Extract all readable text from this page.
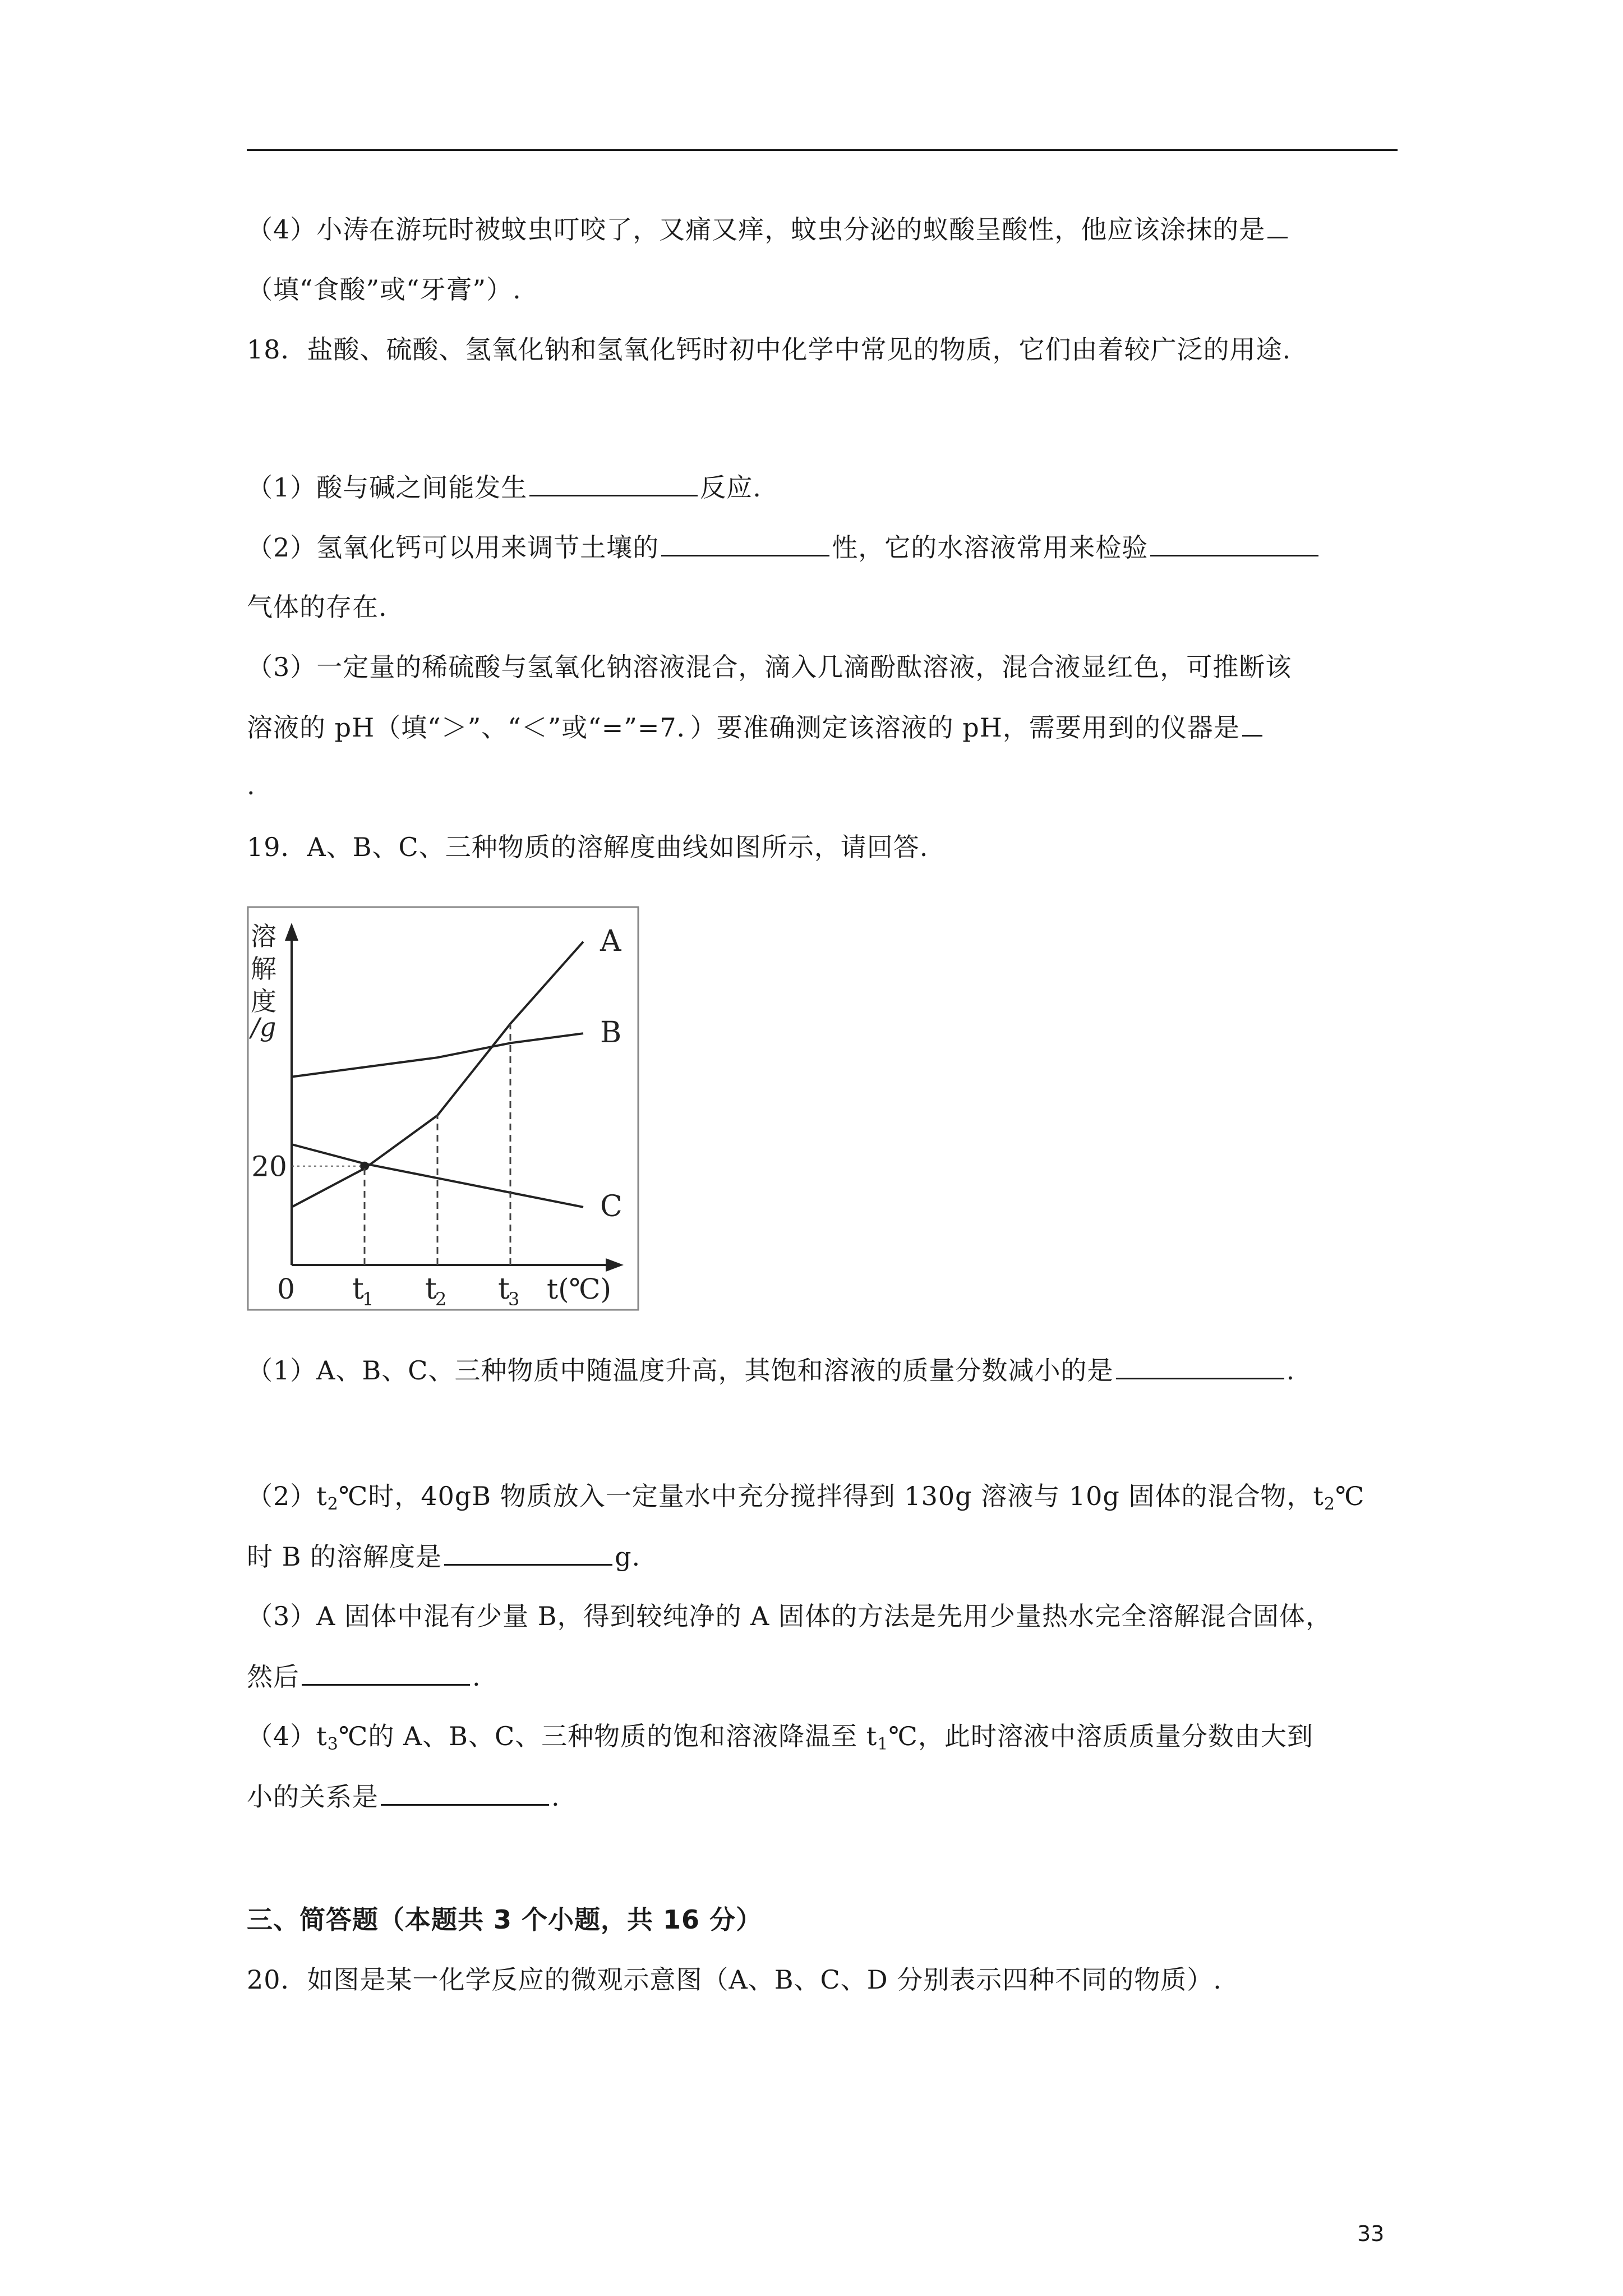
（4）小涛在游玩时被蚊虫叮咬了，又痛又痒，蚊虫分泌的蚁酸呈酸性，他应该涂抹的是
（填“食酸”或“牙膏”）.
18．盐酸、硫酸、氢氧化钠和氢氧化钙时初中化学中常见的物质，它们由着较广泛的用途.
（1）酸与碱之间能发生	反应.
（2）氢氧化钙可以用来调节土壤的	性，它的水溶液常用来检验
气体的存在.
（3）一定量的稀硫酸与氢氧化钠溶液混合，滴入几滴酚酞溶液，混合液显红色，可推断该
溶液的 pH（填“＞”、“＜”或“=”=7．）要准确测定该溶液的 pH，需要用到的仪器是
.
19．A、B、C、三种物质的溶解度曲线如图所示，请回答.
溶
解
度
/g
A
B
C
20
0 t
1 t
2 t
3 t(℃)
（1）A、B、C、三种物质中随温度升高，其饱和溶液的质量分数减小的是	.
$(2)t_2℃$时，40gB 物质放入一定量水中充分搅拌得到 130g 溶液与 10g 固体的混合物，$t_2℃$
时 B 的溶解度是	g.
（3）A 固体中混有少量 B，得到较纯净的 A 固体的方法是先用少量热水完全溶解混合固体，
然后	.
$(4)t_3℃$的 A、B、C、三种物质的饱和溶液降温至 $t_1℃$，此时溶液中溶质质量分数由大到
小的关系是	.
三、简答题（本题共 3 个小题，共 16 分）
20．如图是某一化学反应的微观示意图（A、B、C、D 分别表示四种不同的物质）.
33
